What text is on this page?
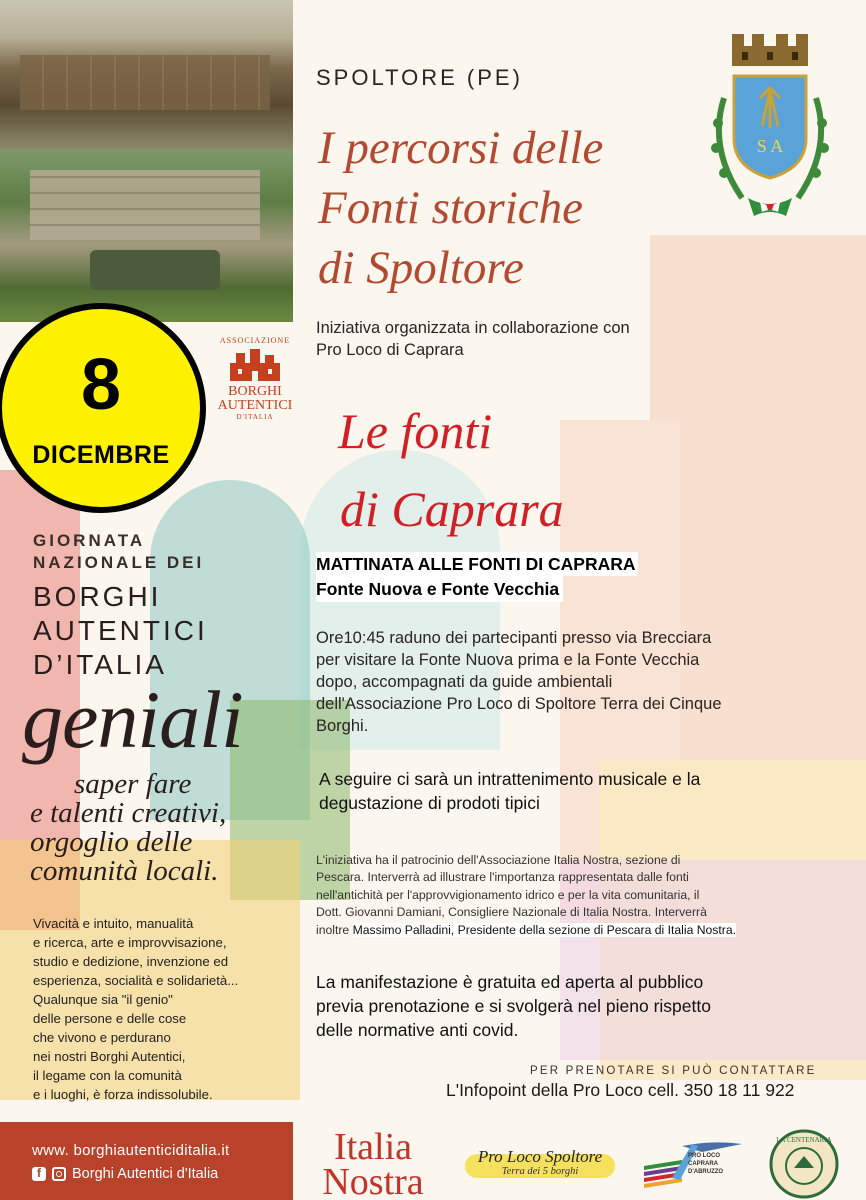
8
DICEMBRE
ASSOCIAZIONE
BORGHI
AUTENTICI
D'ITALIA
GIORNATA
NAZIONALE DEI
BORGHI
AUTENTICI
D’ITALIA
geniali
saper fare
e talenti creativi, orgoglio delle comunità locali.
Vivacità e intuito, manualità
e ricerca, arte e improvvisazione,
studio e dedizione, invenzione ed
esperienza, socialità e solidarietà...
Qualunque sia "il genio"
delle persone e delle cose
che vivono e perdurano
nei nostri Borghi Autentici,
il legame con la comunità
e i luoghi, è forza indissolubile.
www. borghiautenticiditalia.it
f
Borghi Autentici d'Italia
SPOLTORE (PE)
I percorsi delle
Fonti storiche
di Spoltore
Iniziativa organizzata in collaborazione con
Pro Loco di Caprara
Le fonti
di Caprara
MATTINATA ALLE FONTI DI CAPRARA
Fonte Nuova e Fonte Vecchia
Ore10:45 raduno dei partecipanti presso via Brecciara
per visitare la Fonte Nuova prima e la Fonte Vecchia
dopo, accompagnati da guide ambientali
dell'Associazione Pro Loco di Spoltore Terra dei Cinque
Borghi.
A seguire ci sarà un intrattenimento musicale e la
degustazione di prodoti tipici
L'iniziativa ha il patrocinio dell'Associazione Italia Nostra, sezione di
Pescara. Interverrà ad illustrare l'importanza rappresentata dalle fonti
nell'antichità per l'approvvigionamento idrico e per la vita comunitaria, il
Dott. Giovanni Damiani, Consigliere Nazionale di Italia Nostra. Interverrà
inoltre Massimo Palladini, Presidente della sezione di Pescara di Italia Nostra.
La manifestazione è gratuita ed aperta al pubblico
previa prenotazione e si svolgerà nel pieno rispetto
delle normative anti covid.
PER PRENOTARE SI PUÒ CONTATTARE
L'Infopoint della Pro Loco cell. 350 18 11 922
S A
Italia
Nostra
Pro Loco Spoltore
Terra dei 5 borghi
PRO LOCO
CAPRARA
D'ABRUZZO
LA CENTENARIA
